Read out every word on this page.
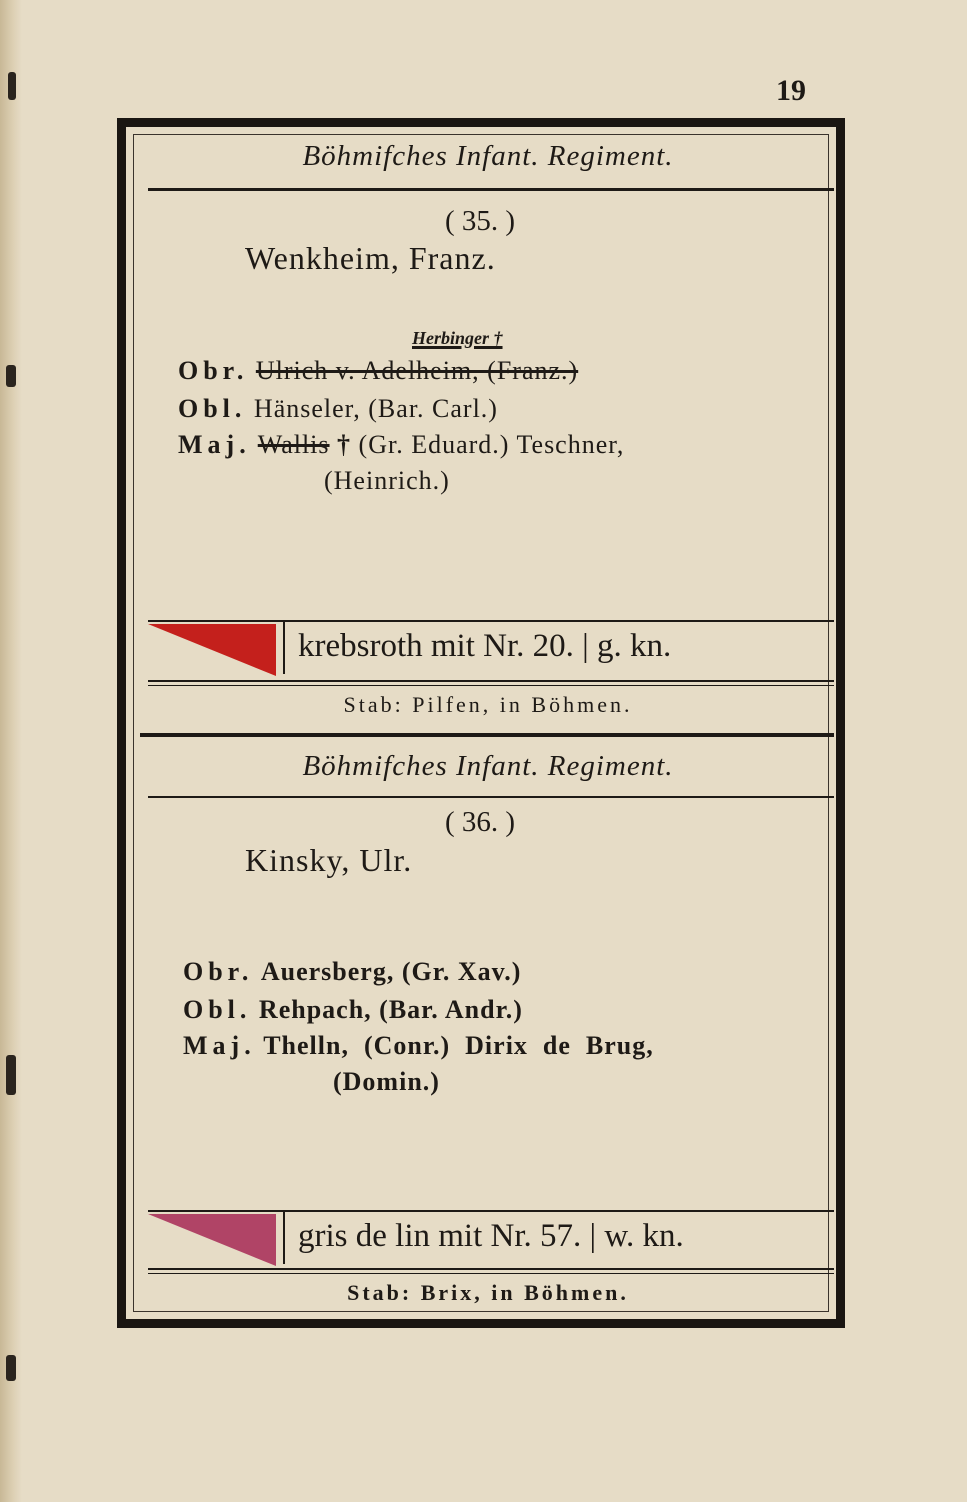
19
Böhmifches Infant. Regiment.
( 35. )
Wenkheim, Franz.
Herbinger †
Obr. Ulrich v. Adelheim, (Franz.)
Obl. Hänseler, (Bar. Carl.)
Maj. Wallis † (Gr. Eduard.) Teschner,
(Heinrich.)
krebsroth mit Nr. 20. | g. kn.
Stab: Pilfen, in Böhmen.
Böhmifches Infant. Regiment.
( 36. )
Kinsky, Ulr.
Obr. Auersberg, (Gr. Xav.)
Obl. Rehpach, (Bar. Andr.)
Maj. Thelln,  (Conr.)  Dirix  de  Brug,
(Domin.)
gris de lin mit Nr. 57. | w. kn.
Stab: Brix, in Böhmen.
